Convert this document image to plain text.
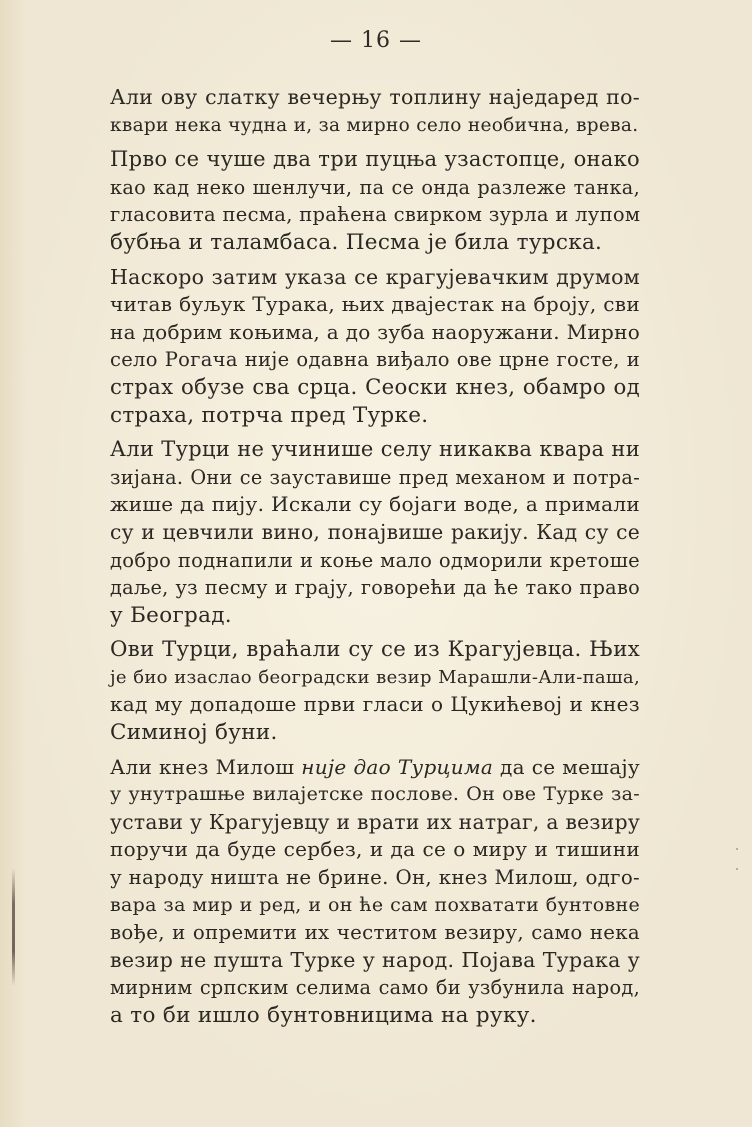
— 16 —

Али ову слатку вечерњу топлину наједаред по-
квари нека чудна и, за мирно село необична, врева.

Прво се чуше два три пуцња узастопце, онако
као кад неко шенлучи, па се онда разлеже танка,
гласовита песма, праћена свирком зурла и лупом
бубња и таламбаса. Песма је била турска.

Наскоро затим указа се крагујевачким друмом
читав буљук Турака, њих двајестак на броју, сви
на добрим коњима, а до зуба наоружани. Мирно
село Рогача није одавна виђало ове црне госте, и
страх обузе сва срца. Сеоски кнез, обамро од
страха, потрча пред Турке.

Али Турци не учинише селу никаква квара ни
зијана. Они се зауставише пред механом и потра-
жише да пију. Искали су бојаги воде, а примали
су и цевчили вино, понајвише ракију. Кад су се
добро поднапили и коње мало одморили кретоше
даље, уз песму и грају, говорећи да ће тако право
у Београд.

Ови Турци, враћали су се из Крагујевца. Њих
је био изаслао београдски везир Марашли-Али-паша,
кад му допадоше први гласи о Цукићевој и кнез
Симиној буни.

Али кнез Милош није дао Турцима да се мешају
у унутрашње вилајетске послове. Он ове Турке за-
устави у Крагујевцу и врати их натраг, а везиру
поручи да буде сербез, и да се о миру и тишини
у народу ништа не брине. Он, кнез Милош, одго-
вара за мир и ред, и он ће сам похватати бунтовне
вође, и опремити их честитом везиру, само нека
везир не пушта Турке у народ. Појава Турака у
мирним српским селима само би узбунила народ,
а то би ишло бунтовницима на руку.
